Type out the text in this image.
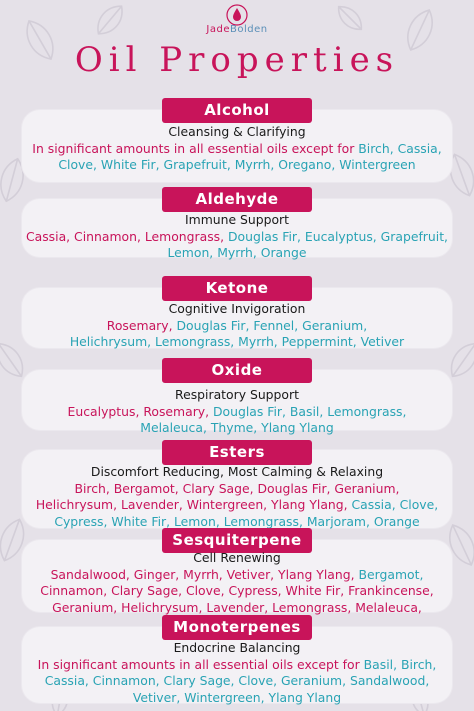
JadeBolden
Oil Properties
Alcohol
Cleansing & Clarifying
In significant amounts in all essential oils except for Birch, Cassia,
Clove, White Fir, Grapefruit, Myrrh, Oregano, Wintergreen
Aldehyde
Immune Support
Cassia, Cinnamon, Lemongrass, Douglas Fir, Eucalyptus, Grapefruit,
Lemon, Myrrh, Orange
Ketone
Cognitive Invigoration
Rosemary, Douglas Fir, Fennel, Geranium,
Helichrysum, Lemongrass, Myrrh, Peppermint, Vetiver
Oxide
Respiratory Support
Eucalyptus, Rosemary, Douglas Fir, Basil, Lemongrass,
Melaleuca, Thyme, Ylang Ylang
Esters
Discomfort Reducing, Most Calming & Relaxing
Birch, Bergamot, Clary Sage, Douglas Fir, Geranium,
Helichrysum, Lavender, Wintergreen, Ylang Ylang, Cassia, Clove,
Cypress, White Fir, Lemon, Lemongrass, Marjoram, Orange
Sesquiterpene
Cell Renewing
Sandalwood, Ginger, Myrrh, Vetiver, Ylang Ylang, Bergamot,
Cinnamon, Clary Sage, Clove, Cypress, White Fir, Frankincense,
Geranium, Helichrysum, Lavender, Lemongrass, Melaleuca,
Monoterpenes
Endocrine Balancing
In significant amounts in all essential oils except for Basil, Birch,
Cassia, Cinnamon, Clary Sage, Clove, Geranium, Sandalwood,
Vetiver, Wintergreen, Ylang Ylang
